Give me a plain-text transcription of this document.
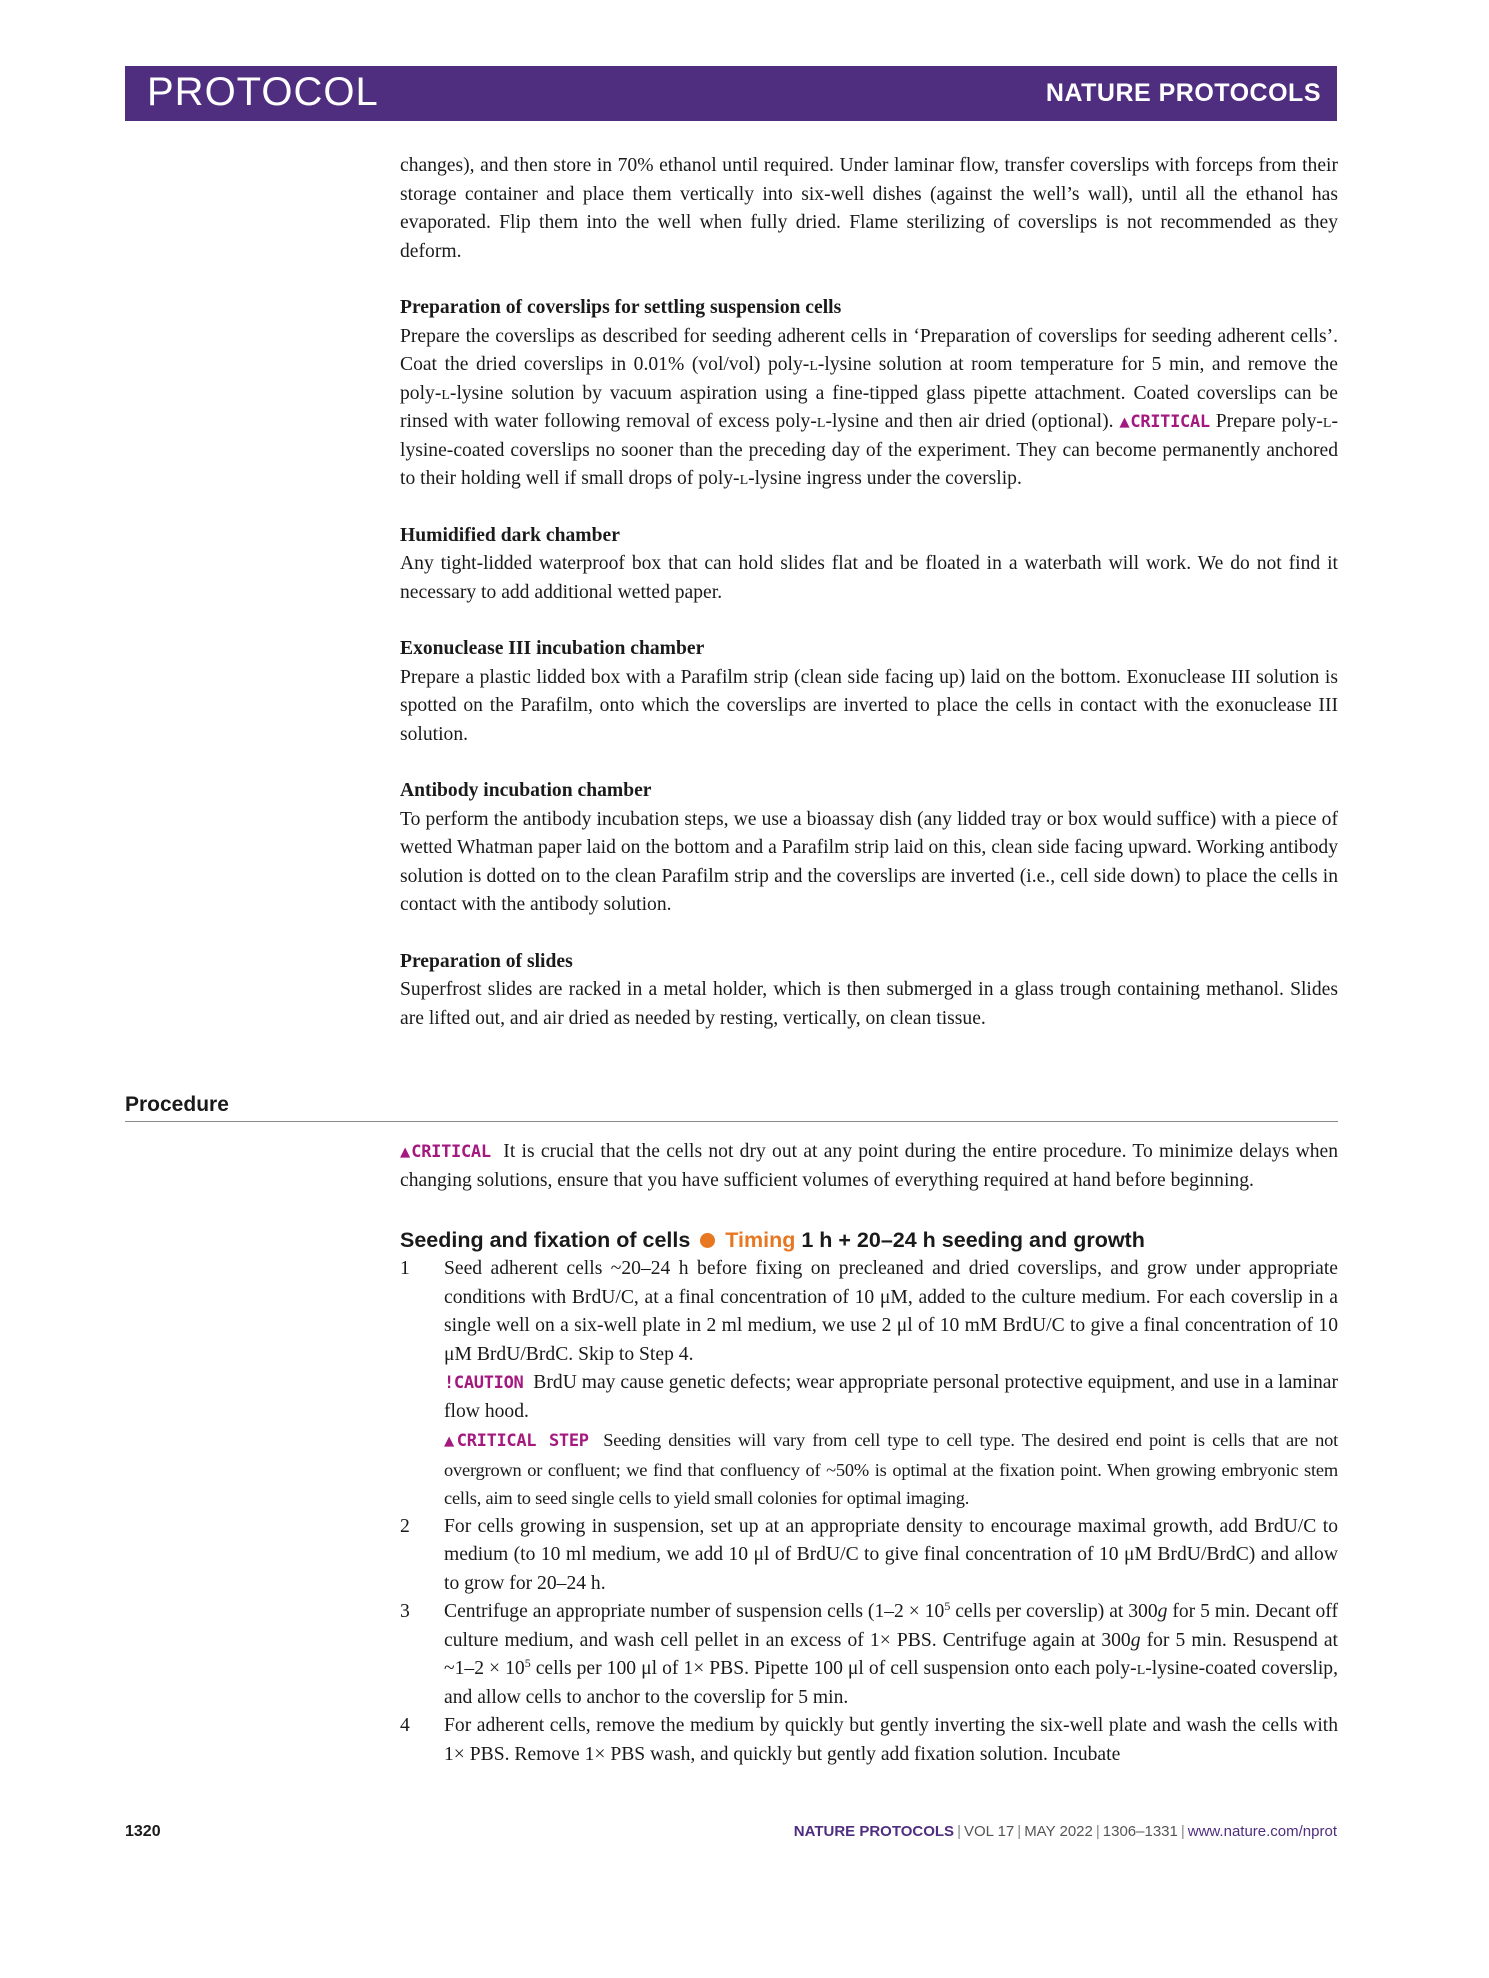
PROTOCOL	NATURE PROTOCOLS

changes), and then store in 70% ethanol until required. Under laminar flow, transfer coverslips with forceps from their storage container and place them vertically into six-well dishes (against the well’s wall), until all the ethanol has evaporated. Flip them into the well when fully dried. Flame sterilizing of coverslips is not recommended as they deform.

Preparation of coverslips for settling suspension cells

Prepare the coverslips as described for seeding adherent cells in ‘Preparation of coverslips for seeding adherent cells’. Coat the dried coverslips in 0.01% (vol/vol) poly-l-lysine solution at room temperature for 5 min, and remove the poly-l-lysine solution by vacuum aspiration using a fine-tipped glass pipette attachment. Coated coverslips can be rinsed with water following removal of excess poly-l-lysine and then air dried (optional). ▲CRITICAL Prepare poly-l-lysine-coated coverslips no sooner than the preceding day of the experiment. They can become permanently anchored to their holding well if small drops of poly-l-lysine ingress under the coverslip.

Humidified dark chamber

Any tight-lidded waterproof box that can hold slides flat and be floated in a waterbath will work. We do not find it necessary to add additional wetted paper.

Exonuclease III incubation chamber

Prepare a plastic lidded box with a Parafilm strip (clean side facing up) laid on the bottom. Exonuclease III solution is spotted on the Parafilm, onto which the coverslips are inverted to place the cells in contact with the exonuclease III solution.

Antibody incubation chamber

To perform the antibody incubation steps, we use a bioassay dish (any lidded tray or box would suffice) with a piece of wetted Whatman paper laid on the bottom and a Parafilm strip laid on this, clean side facing upward. Working antibody solution is dotted on to the clean Parafilm strip and the coverslips are inverted (i.e., cell side down) to place the cells in contact with the antibody solution.

Preparation of slides

Superfrost slides are racked in a metal holder, which is then submerged in a glass trough containing methanol. Slides are lifted out, and air dried as needed by resting, vertically, on clean tissue.

Procedure

▲CRITICAL It is crucial that the cells not dry out at any point during the entire procedure. To minimize delays when changing solutions, ensure that you have sufficient volumes of everything required at hand before beginning.

Seeding and fixation of cells Timing 1 h + 20–24 h seeding and growth
1 Seed adherent cells ~20–24 h before fixing on precleaned and dried coverslips, and grow under appropriate conditions with BrdU/C, at a final concentration of 10 μM, added to the culture medium. For each coverslip in a single well on a six-well plate in 2 ml medium, we use 2 μl of 10 mM BrdU/C to give a final concentration of 10 μM BrdU/BrdC. Skip to Step 4.

!CAUTION BrdU may cause genetic defects; wear appropriate personal protective equipment, and use in a laminar flow hood.

▲CRITICAL STEP Seeding densities will vary from cell type to cell type. The desired end point is cells that are not overgrown or confluent; we find that confluency of ~50% is optimal at the fixation point. When growing embryonic stem cells, aim to seed single cells to yield small colonies for optimal imaging.

2 For cells growing in suspension, set up at an appropriate density to encourage maximal growth, add BrdU/C to medium (to 10 ml medium, we add 10 μl of BrdU/C to give final concentration of 10 μM BrdU/BrdC) and allow to grow for 20–24 h.

3 Centrifuge an appropriate number of suspension cells ($1-2 \times 10^5$ cells per coverslip) at 300g for 5 min. Decant off culture medium, and wash cell pellet in an excess of 1× PBS. Centrifuge again at 300g for 5 min. Resuspend at ~1–2 × $10^5$ cells per 100 μl of 1× PBS. Pipette 100 μl of cell suspension onto each poly-l-lysine-coated coverslip, and allow cells to anchor to the coverslip for 5 min.

4 For adherent cells, remove the medium by quickly but gently inverting the six-well plate and wash the cells with 1× PBS. Remove 1× PBS wash, and quickly but gently add fixation solution. Incubate

1320	NATURE PROTOCOLS | VOL 17 | MAY 2022 | 1306–1331 | www.nature.com/nprot
